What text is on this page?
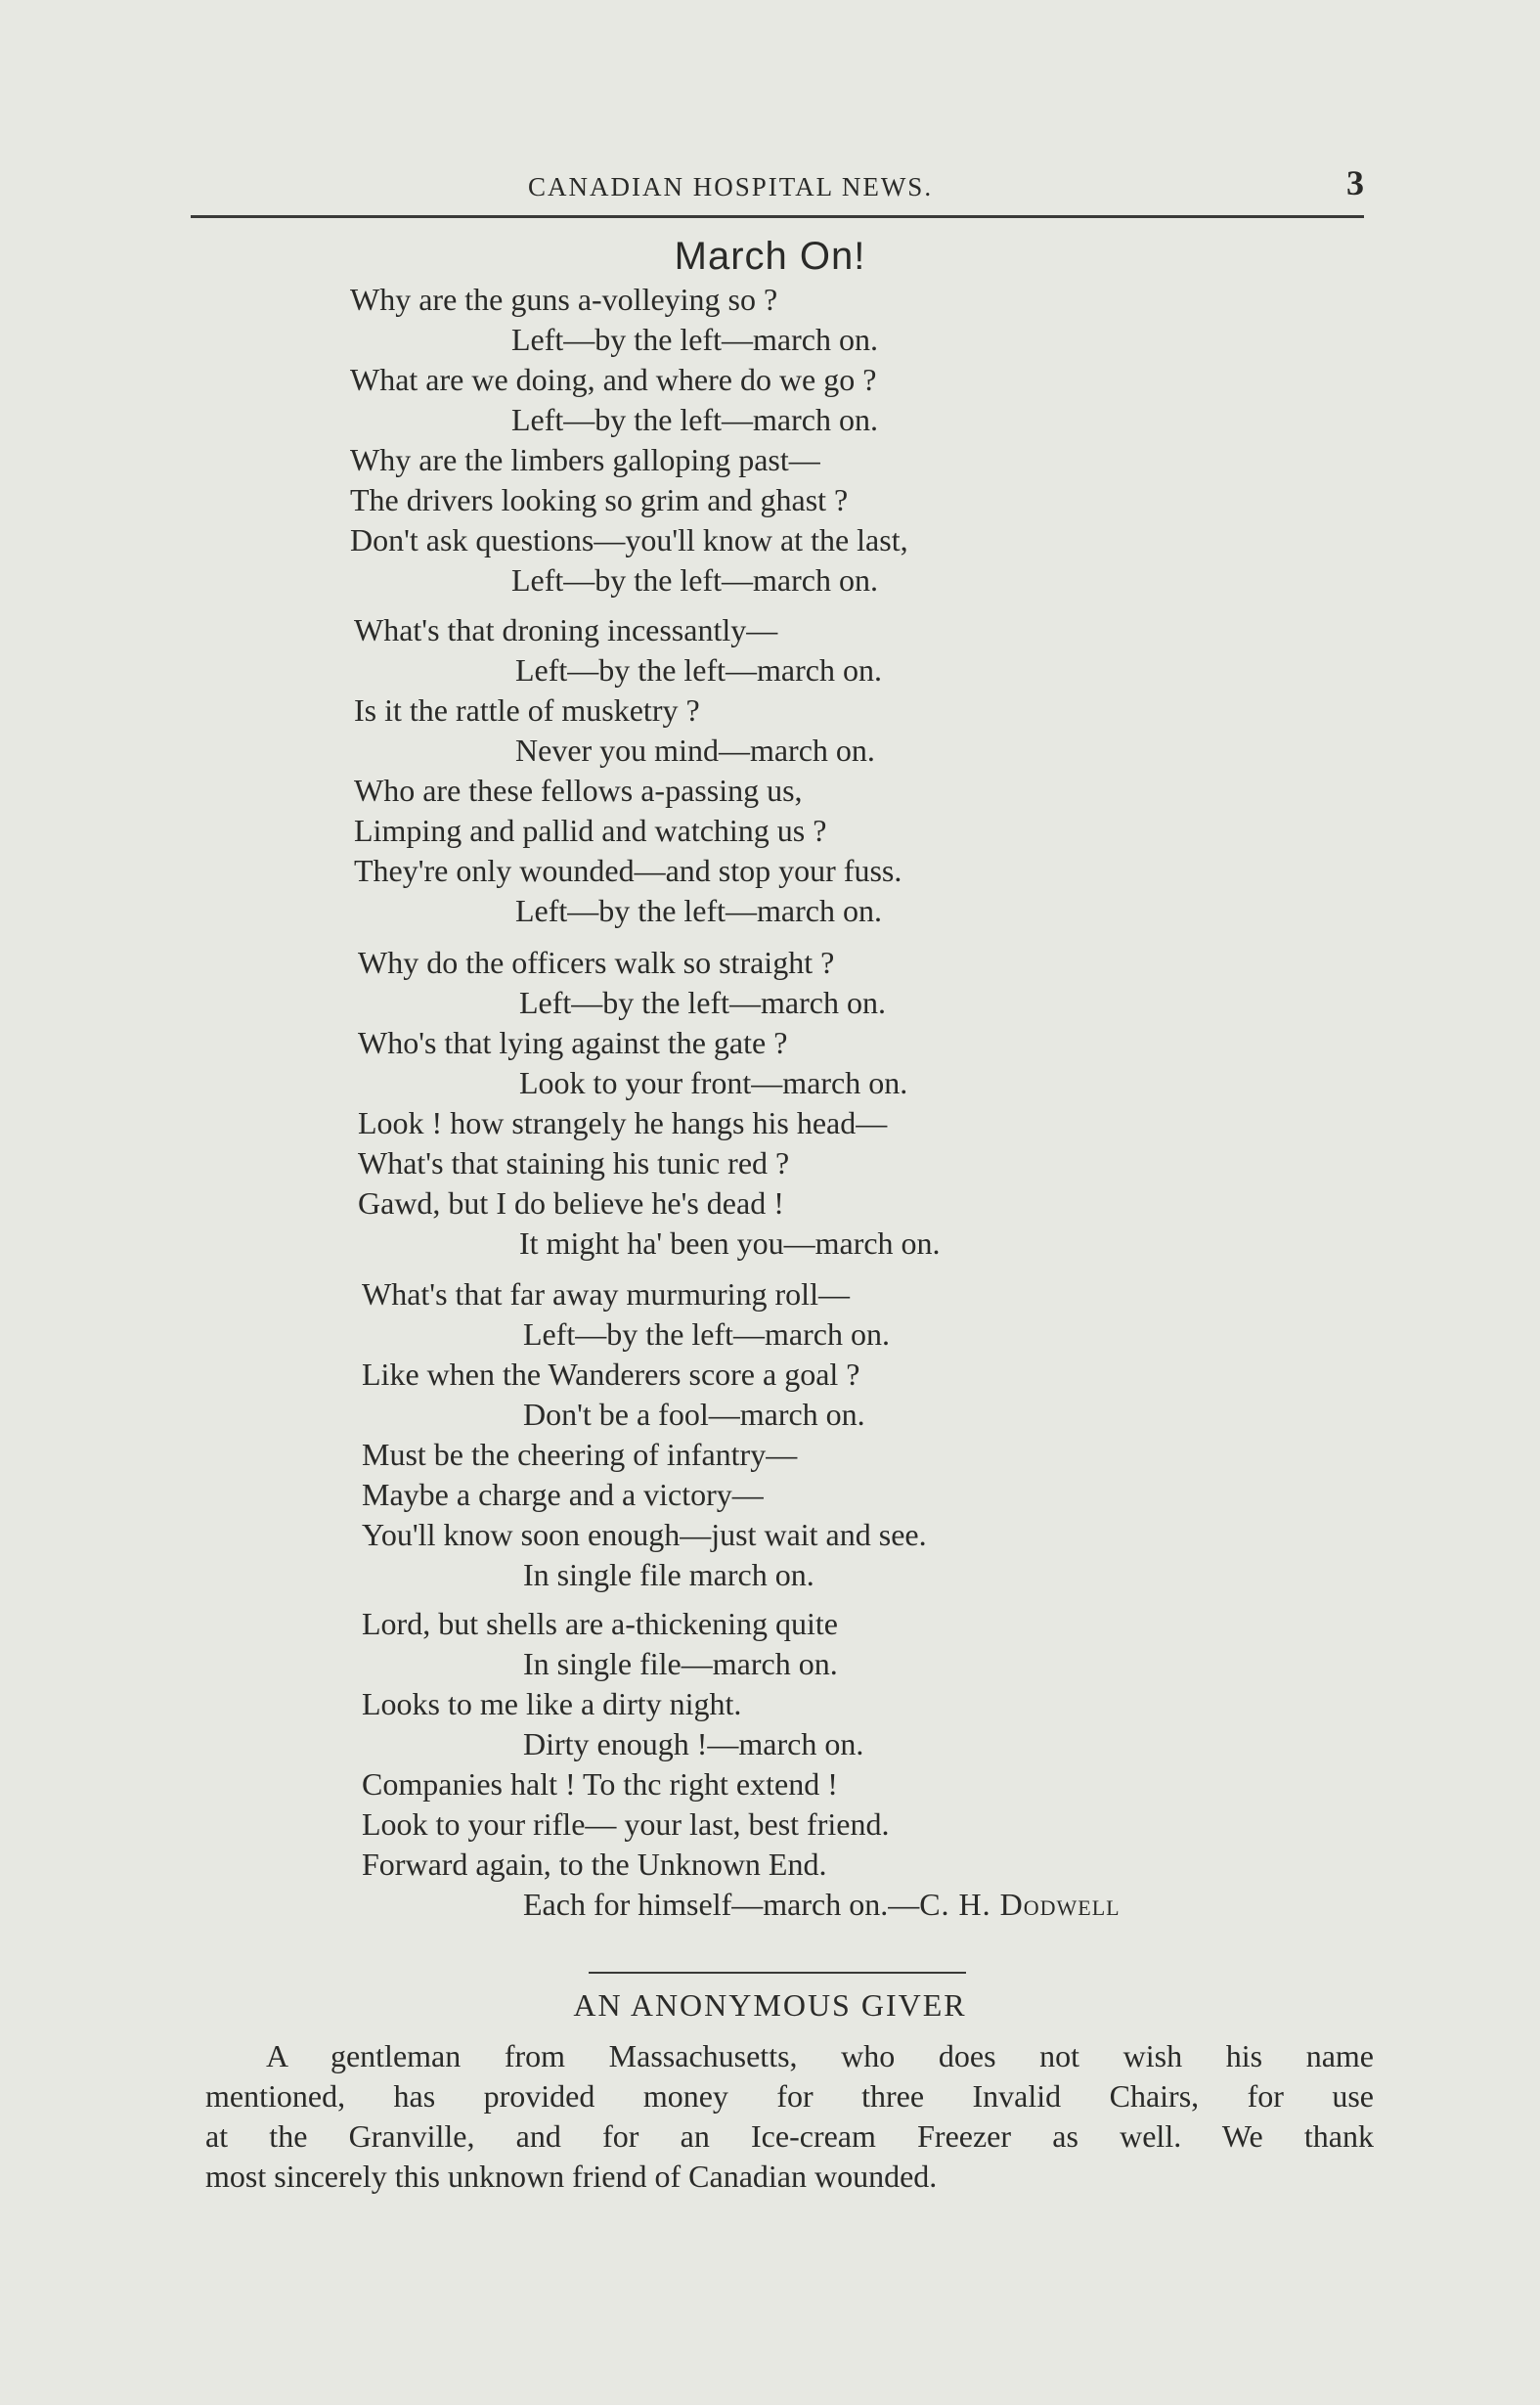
CANADIAN HOSPITAL NEWS.	3
March On!
Why are the guns a-volleying so ?
Left—by the left—march on.
What are we doing, and where do we go ?
Left—by the left—march on.
Why are the limbers galloping past—
The drivers looking so grim and ghast ?
Don't ask questions—you'll know at the last,
Left—by the left—march on.
What's that droning incessantly—
Left—by the left—march on.
Is it the rattle of musketry ?
Never you mind—march on.
Who are these fellows a-passing us,
Limping and pallid and watching us ?
They're only wounded—and stop your fuss.
Left—by the left—march on.
Why do the officers walk so straight ?
Left—by the left—march on.
Who's that lying against the gate ?
Look to your front—march on.
Look ! how strangely he hangs his head—
What's that staining his tunic red ?
Gawd, but I do believe he's dead !
It might ha' been you—march on.
What's that far away murmuring roll—
Left—by the left—march on.
Like when the Wanderers score a goal ?
Don't be a fool—march on.
Must be the cheering of infantry—
Maybe a charge and a victory—
You'll know soon enough—just wait and see.
In single file march on.
Lord, but shells are a-thickening quite
In single file—march on.
Looks to me like a dirty night.
Dirty enough !—march on.
Companies halt ! To thc right extend !
Look to your rifle— your last, best friend.
Forward again, to the Unknown End.
Each for himself—march on.—C. H. Dodwell
AN ANONYMOUS GIVER
A gentleman from Massachusetts, who does not wish his name
mentioned, has provided money for three Invalid Chairs, for use
at the Granville, and for an Ice-cream Freezer as well. We thank
most sincerely this unknown friend of Canadian wounded.
